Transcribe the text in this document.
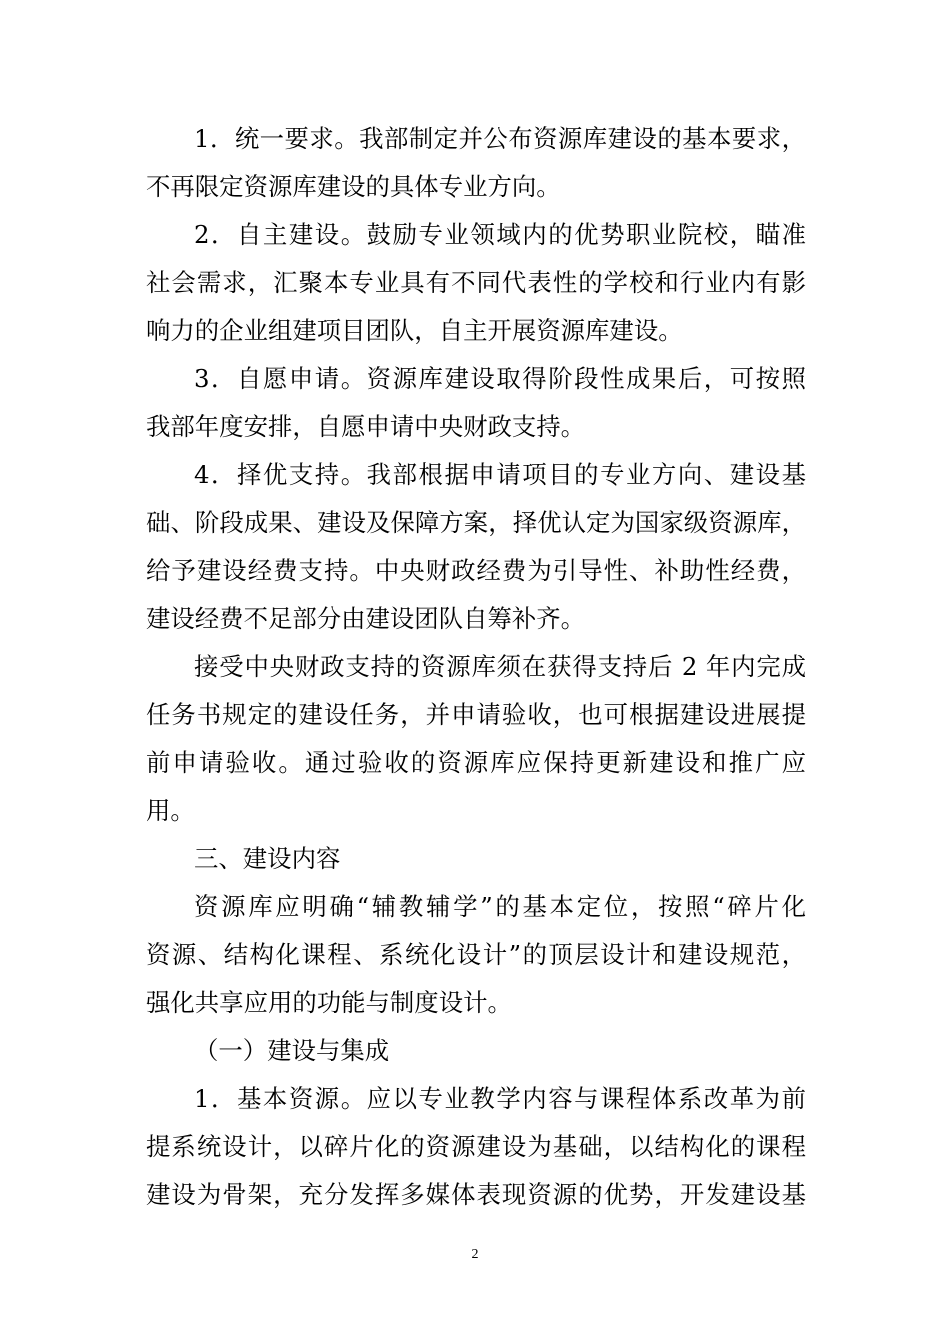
1．统一要求。我部制定并公布资源库建设的基本要求，
不再限定资源库建设的具体专业方向。
2．自主建设。鼓励专业领域内的优势职业院校，瞄准
社会需求，汇聚本专业具有不同代表性的学校和行业内有影
响力的企业组建项目团队，自主开展资源库建设。
3．自愿申请。资源库建设取得阶段性成果后，可按照
我部年度安排，自愿申请中央财政支持。
4．择优支持。我部根据申请项目的专业方向、建设基
础、阶段成果、建设及保障方案，择优认定为国家级资源库，
给予建设经费支持。中央财政经费为引导性、补助性经费，
建设经费不足部分由建设团队自筹补齐。
接受中央财政支持的资源库须在获得支持后 2 年内完成
任务书规定的建设任务，并申请验收，也可根据建设进展提
前申请验收。通过验收的资源库应保持更新建设和推广应
用。
三、建设内容
资源库应明确“辅教辅学”的基本定位，按照“碎片化
资源、结构化课程、系统化设计”的顶层设计和建设规范，
强化共享应用的功能与制度设计。
（一）建设与集成
1．基本资源。应以专业教学内容与课程体系改革为前
提系统设计，以碎片化的资源建设为基础，以结构化的课程
建设为骨架，充分发挥多媒体表现资源的优势，开发建设基
2
